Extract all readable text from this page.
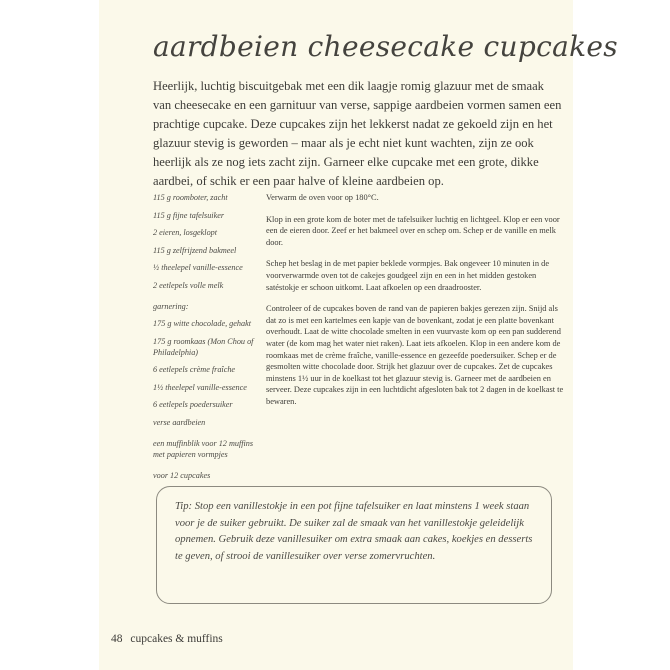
aardbeien cheesecake cupcakes
Heerlijk, luchtig biscuitgebak met een dik laagje romig glazuur met de smaak van cheesecake en een garnituur van verse, sappige aardbeien vormen samen een prachtige cupcake. Deze cupcakes zijn het lekkerst nadat ze gekoeld zijn en het glazuur stevig is geworden – maar als je echt niet kunt wachten, zijn ze ook heerlijk als ze nog iets zacht zijn. Garneer elke cupcake met een grote, dikke aardbei, of schik er een paar halve of kleine aardbeien op.
115 g roomboter, zacht
115 g fijne tafelsuiker
2 eieren, losgeklopt
115 g zelfrijzend bakmeel
½ theelepel vanille-essence
2 eetlepels volle melk
garnering:
175 g witte chocolade, gehakt
175 g roomkaas (Mon Chou of Philadelphia)
6 eetlepels crème fraîche
1½ theelepel vanille-essence
6 eetlepels poedersuiker
verse aardbeien
een muffinblik voor 12 muffins met papieren vormpjes
voor 12 cupcakes

Verwarm de oven voor op 180°C.

Klop in een grote kom de boter met de tafelsuiker luchtig en lichtgeel. Klop er een voor een de eieren door. Zeef er het bakmeel over en schep om. Schep er de vanille en melk door.

Schep het beslag in de met papier beklede vormpjes. Bak ongeveer 10 minuten in de voorverwarmde oven tot de cakejes goudgeel zijn en een in het midden gestoken satéstokje er schoon uitkomt. Laat afkoelen op een draadrooster.

Controleer of de cupcakes boven de rand van de papieren bakjes gerezen zijn. Snijd als dat zo is met een kartelmes een kapje van de bovenkant, zodat je een platte bovenkant overhoudt. Laat de witte chocolade smelten in een vuurvaste kom op een pan sudderend water (de kom mag het water niet raken). Laat iets afkoelen. Klop in een andere kom de roomkaas met de crème fraîche, vanille-essence en gezeefde poedersuiker. Schep er de gesmolten witte chocolade door. Strijk het glazuur over de cupcakes. Zet de cupcakes minstens 1½ uur in de koelkast tot het glazuur stevig is. Garneer met de aardbeien en serveer. Deze cupcakes zijn in een luchtdicht afgesloten bak tot 2 dagen in de koelkast te bewaren.

Tip: Stop een vanillestokje in een pot fijne tafelsuiker en laat minstens 1 week staan voor je de suiker gebruikt. De suiker zal de smaak van het vanillestokje geleidelijk opnemen. Gebruik deze vanillesuiker om extra smaak aan cakes, koekjes en desserts te geven, of strooi de vanillesuiker over verse zomervruchten.
48 cupcakes & muffins
